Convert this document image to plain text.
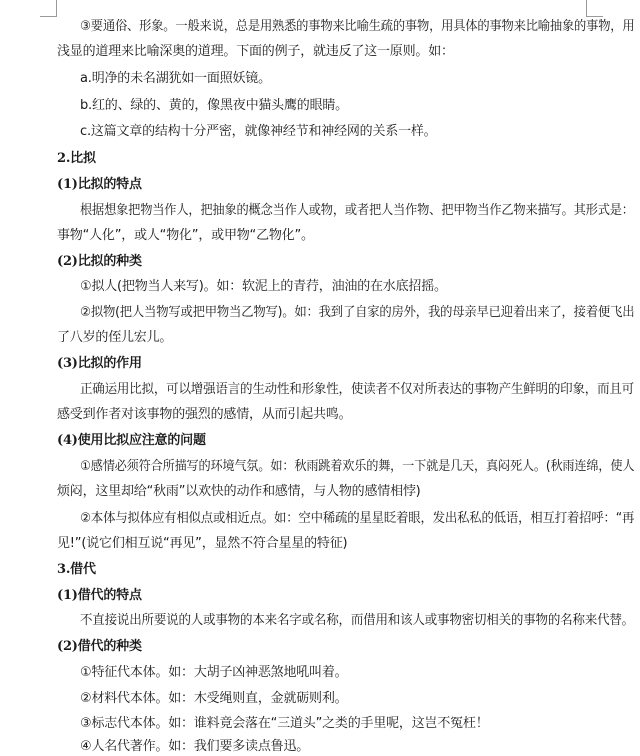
③要通俗、形象。一般来说，总是用熟悉的事物来比喻生疏的事物，用具体的事物来比喻抽象的事物，用
浅显的道理来比喻深奥的道理。下面的例子，就违反了这一原则。如：
a.明净的未名湖犹如一面照妖镜。
b.红的、绿的、黄的，像黑夜中猫头鹰的眼睛。
c.这篇文章的结构十分严密，就像神经节和神经网的关系一样。
2.比拟
(1)比拟的特点
根据想象把物当作人，把抽象的概念当作人或物，或者把人当作物、把甲物当作乙物来描写。其形式是：
事物“人化”，或人“物化”，或甲物“乙物化”。
(2)比拟的种类
①拟人(把物当人来写)。如：软泥上的青荇，油油的在水底招摇。
②拟物(把人当物写或把甲物当乙物写)。如：我到了自家的房外，我的母亲早已迎着出来了，接着便飞出
了八岁的侄儿宏儿。
(3)比拟的作用
正确运用比拟，可以增强语言的生动性和形象性，使读者不仅对所表达的事物产生鲜明的印象，而且可
感受到作者对该事物的强烈的感情，从而引起共鸣。
(4)使用比拟应注意的问题
①感情必须符合所描写的环境气氛。如：秋雨跳着欢乐的舞，一下就是几天，真闷死人。(秋雨连绵，使人
烦闷，这里却给“秋雨”以欢快的动作和感情，与人物的感情相悖)
②本体与拟体应有相似点或相近点。如：空中稀疏的星星眨着眼，发出私私的低语，相互打着招呼：“再
见!”(说它们相互说“再见”，显然不符合星星的特征)
3.借代
(1)借代的特点
不直接说出所要说的人或事物的本来名字或名称，而借用和该人或事物密切相关的事物的名称来代替。
(2)借代的种类
①特征代本体。如：大胡子凶神恶煞地吼叫着。
②材料代本体。如：木受绳则直，金就砺则利。
③标志代本体。如：谁料竟会落在“三道头”之类的手里呢，这岂不冤枉！
④人名代著作。如：我们要多读点鲁迅。
